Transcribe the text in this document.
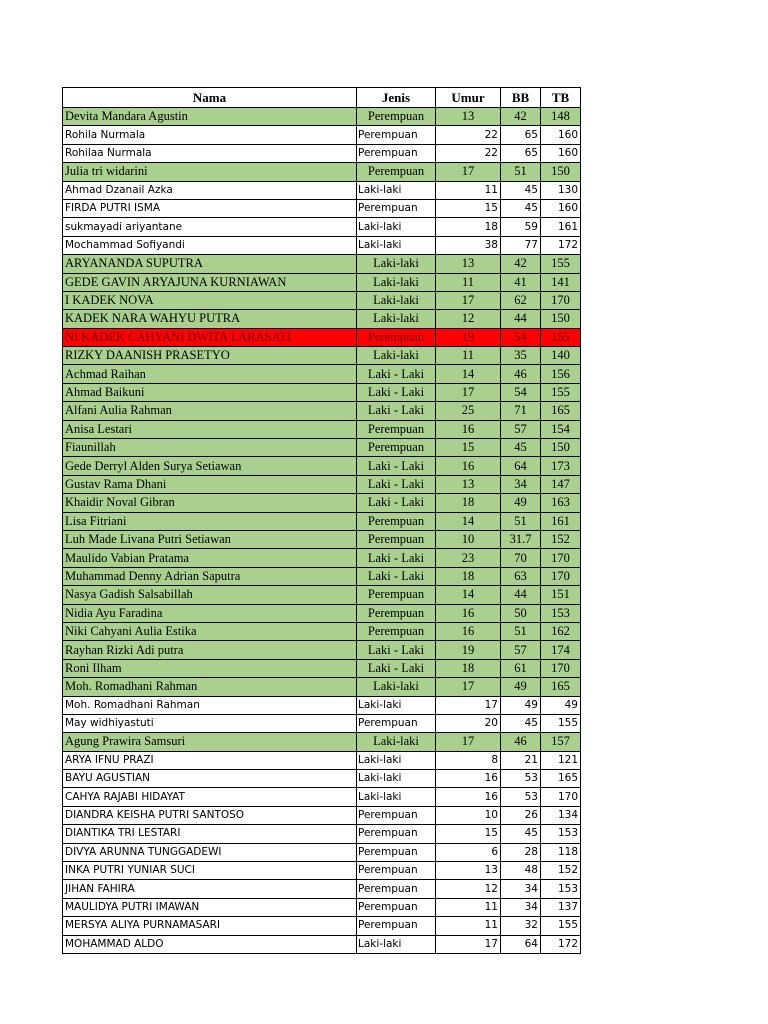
Nama	Jenis	Umur	BB	TB
Devita Mandara Agustin	Perempuan	13	42	148
Rohila Nurmala	Perempuan	22	65	160
Rohilaa Nurmala	Perempuan	22	65	160
Julia tri widarini	Perempuan	17	51	150
Ahmad Dzanail Azka	Laki-laki	11	45	130
FIRDA PUTRI ISMA	Perempuan	15	45	160
sukmayadi ariyantane	Laki-laki	18	59	161
Mochammad Sofiyandi	Laki-laki	38	77	172
ARYANANDA SUPUTRA	Laki-laki	13	42	155
GEDE GAVIN ARYAJUNA KURNIAWAN	Laki-laki	11	41	141
I KADEK NOVA	Laki-laki	17	62	170
KADEK NARA WAHYU PUTRA	Laki-laki	12	44	150
NI KADEK CAHYANI DWITA LARASATI	Perempuan	19	54	155
RIZKY DAANISH PRASETYO	Laki-laki	11	35	140
Achmad Raihan	Laki - Laki	14	46	156
Ahmad Baikuni	Laki - Laki	17	54	155
Alfani Aulia Rahman	Laki - Laki	25	71	165
Anisa Lestari	Perempuan	16	57	154
Fiaunillah	Perempuan	15	45	150
Gede Derryl Alden Surya Setiawan	Laki - Laki	16	64	173
Gustav Rama Dhani	Laki - Laki	13	34	147
Khaidir Noval Gibran	Laki - Laki	18	49	163
Lisa Fitriani	Perempuan	14	51	161
Luh Made Livana Putri Setiawan	Perempuan	10	31.7	152
Maulido Vabian Pratama	Laki - Laki	23	70	170
Muhammad Denny Adrian Saputra	Laki - Laki	18	63	170
Nasya Gadish Salsabillah	Perempuan	14	44	151
Nidia Ayu Faradina	Perempuan	16	50	153
Niki Cahyani Aulia Estika	Perempuan	16	51	162
Rayhan Rizki Adi putra	Laki - Laki	19	57	174
Roni Ilham	Laki - Laki	18	61	170
Moh. Romadhani Rahman	Laki-laki	17	49	165
Moh. Romadhani Rahman	Laki-laki	17	49	49
May widhiyastuti	Perempuan	20	45	155
Agung Prawira Samsuri	Laki-laki	17	46	157
ARYA IFNU PRAZI	Laki-laki	8	21	121
BAYU AGUSTIAN	Laki-laki	16	53	165
CAHYA RAJABI HIDAYAT	Laki-laki	16	53	170
DIANDRA KEISHA PUTRI SANTOSO	Perempuan	10	26	134
DIANTIKA TRI LESTARI	Perempuan	15	45	153
DIVYA ARUNNA TUNGGADEWI	Perempuan	6	28	118
INKA PUTRI YUNIAR SUCI	Perempuan	13	48	152
JIHAN FAHIRA	Perempuan	12	34	153
MAULIDYA PUTRI IMAWAN	Perempuan	11	34	137
MERSYA ALIYA PURNAMASARI	Perempuan	11	32	155
MOHAMMAD ALDO	Laki-laki	17	64	172
